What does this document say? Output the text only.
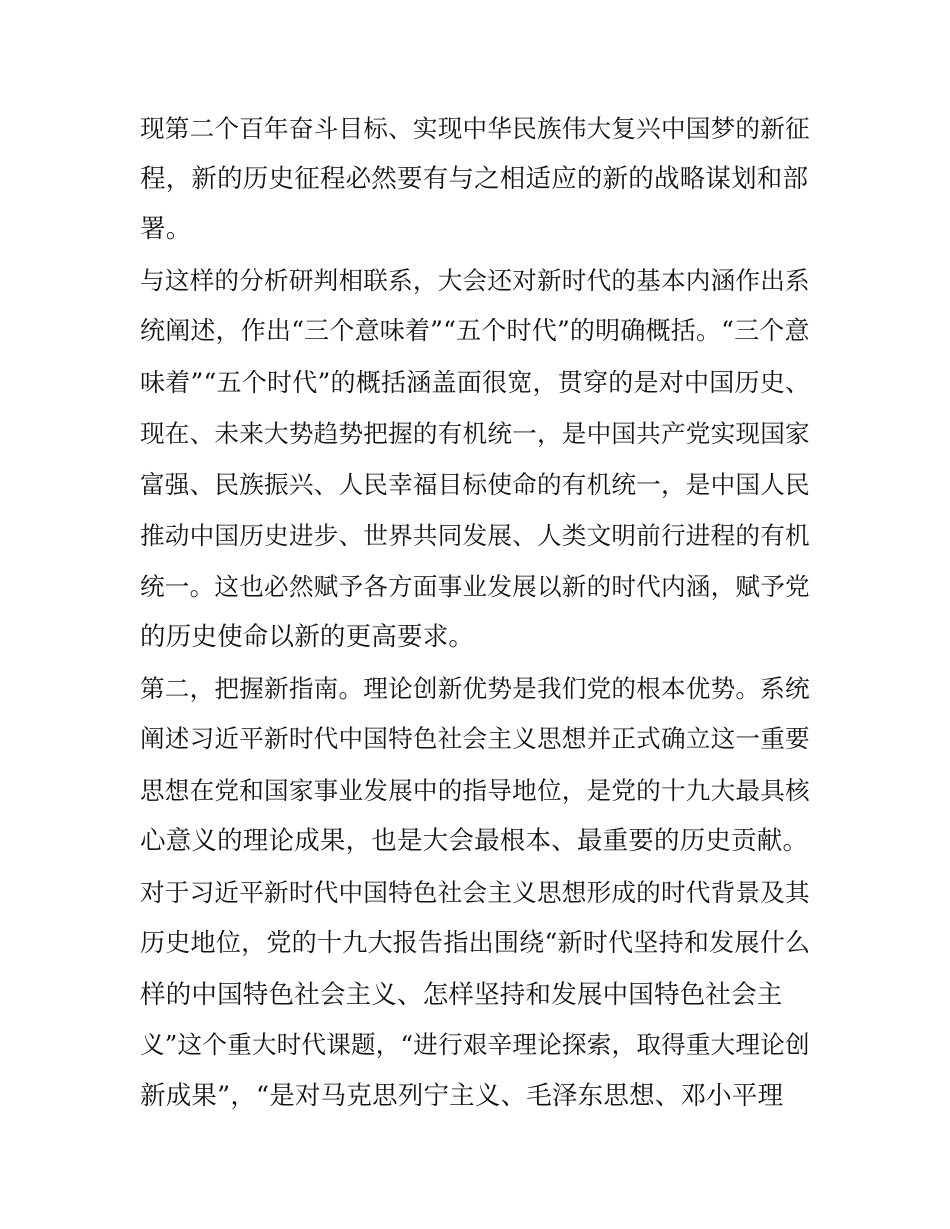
现第二个百年奋斗目标、实现中华民族伟大复兴中国梦的新征
程，新的历史征程必然要有与之相适应的新的战略谋划和部
署。
与这样的分析研判相联系，大会还对新时代的基本内涵作出系
统阐述，作出“三个意味着”“五个时代”的明确概括。“三个意
味着”“五个时代”的概括涵盖面很宽，贯穿的是对中国历史、
现在、未来大势趋势把握的有机统一，是中国共产党实现国家
富强、民族振兴、人民幸福目标使命的有机统一，是中国人民
推动中国历史进步、世界共同发展、人类文明前行进程的有机
统一。这也必然赋予各方面事业发展以新的时代内涵，赋予党
的历史使命以新的更高要求。
第二，把握新指南。理论创新优势是我们党的根本优势。系统
阐述习近平新时代中国特色社会主义思想并正式确立这一重要
思想在党和国家事业发展中的指导地位，是党的十九大最具核
心意义的理论成果，也是大会最根本、最重要的历史贡献。
对于习近平新时代中国特色社会主义思想形成的时代背景及其
历史地位，党的十九大报告指出围绕“新时代坚持和发展什么
样的中国特色社会主义、怎样坚持和发展中国特色社会主
义”这个重大时代课题，“进行艰辛理论探索，取得重大理论创
新成果”，“是对马克思列宁主义、毛泽东思想、邓小平理
